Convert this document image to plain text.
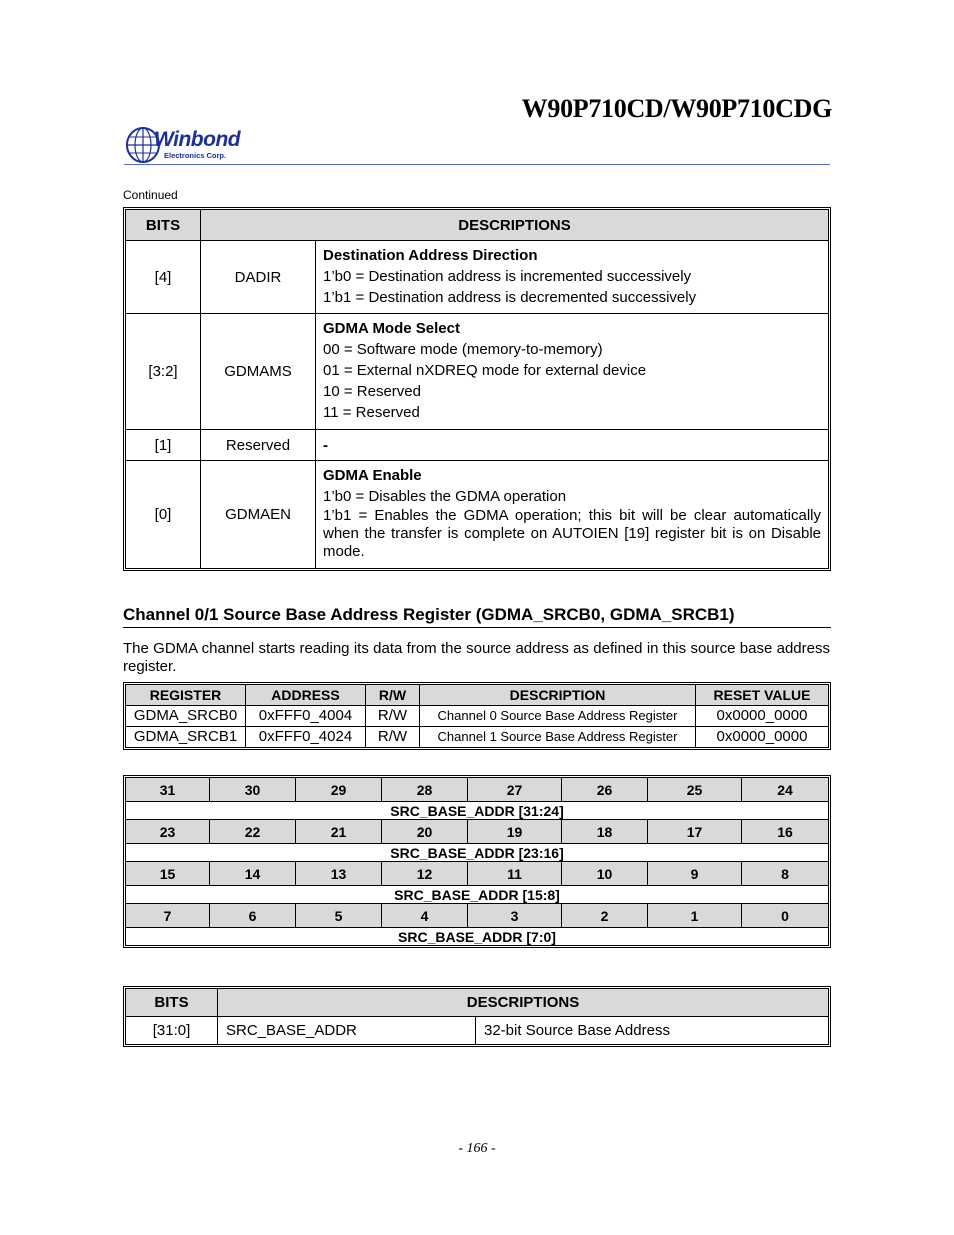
W90P710CD/W90P710CDG
Winbond
Electronics Corp.
Continued
BITS	DESCRIPTIONS	
[4]	DADIR	Destination Address Direction
1’b0 = Destination address is incremented successively
1’b1 = Destination address is decremented successively

[3:2]	GDMAMS	GDMA Mode Select
00 = Software mode (memory-to-memory)
01 = External nXDREQ mode for external device
10 = Reserved
11 = Reserved

[1]	Reserved	-
[0]	GDMAEN	GDMA Enable
1’b0 = Disables the GDMA operation
1’b1 = Enables the GDMA operation; this bit will be clear automatically when the transfer is complete on AUTOIEN [19] register bit is on Disable mode.
Channel 0/1 Source Base Address Register (GDMA_SRCB0, GDMA_SRCB1)
The GDMA channel starts reading its data from the source address as defined in this source base address register.
REGISTER	ADDRESS	R/W	DESCRIPTION	RESET VALUE
GDMA_SRCB0	0xFFF0_4004	R/W	Channel 0 Source Base Address Register	0x0000_0000
GDMA_SRCB1	0xFFF0_4024	R/W	Channel 1 Source Base Address Register	0x0000_0000
31	30	29	28	27	26	25	24
SRC_BASE_ADDR [31:24]							
23	22	21	20	19	18	17	16
SRC_BASE_ADDR [23:16]							
15	14	13	12	11	10	9	8
SRC_BASE_ADDR [15:8]							
7	6	5	4	3	2	1	0
SRC_BASE_ADDR [7:0]							
BITS	DESCRIPTIONS	
[31:0]	SRC_BASE_ADDR	32-bit Source Base Address
- 166 -
